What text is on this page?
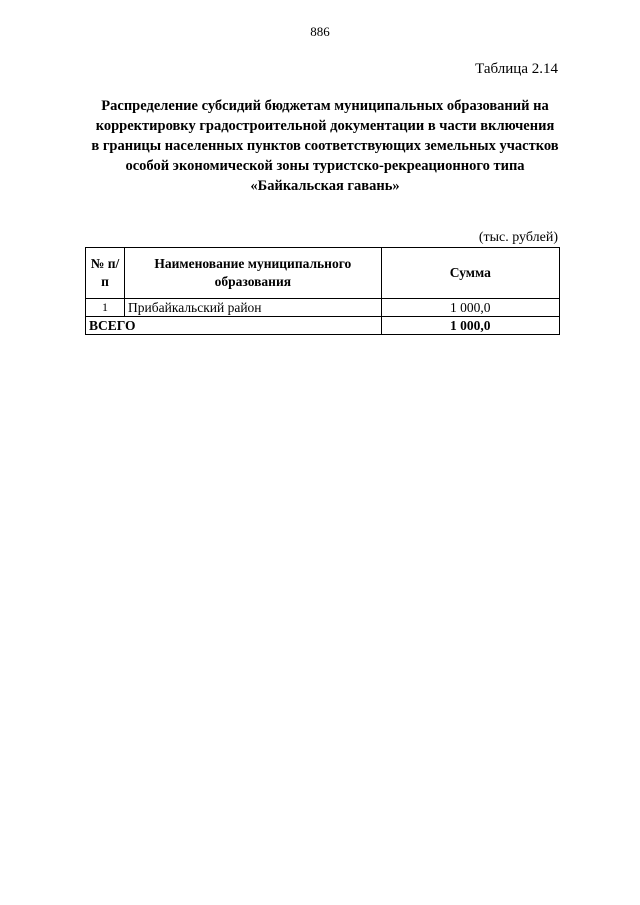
886
Таблица 2.14
Распределение субсидий бюджетам муниципальных образований на корректировку градостроительной документации в части включения в границы населенных пунктов соответствующих земельных участков особой экономической зоны туристско-рекреационного типа «Байкальская гавань»
(тыс. рублей)
№ п/п	Наименование муниципального образования	Сумма
1	Прибайкальский район	1 000,0
ВСЕГО		1 000,0
